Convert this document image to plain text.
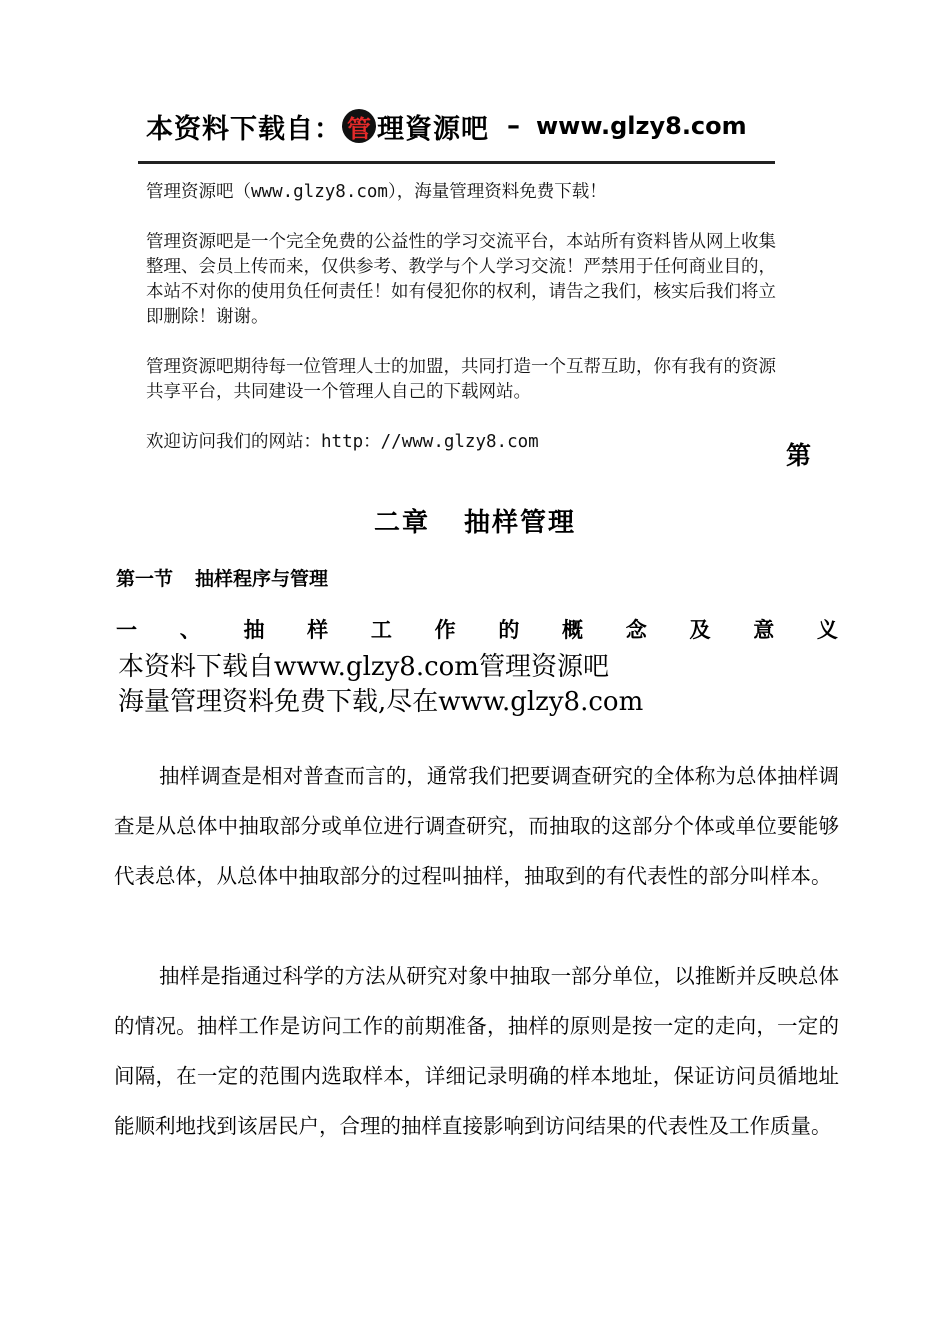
本资料下载自： 管 理資源吧 – www.glzy8.com

管理资源吧（www.glzy8.com），海量管理资料免费下载！

管理资源吧是一个完全免费的公益性的学习交流平台，本站所有资料皆从网上收集整理、会员上传而来，仅供参考、教学与个人学习交流！严禁用于任何商业目的，本站不对你的使用负任何责任！如有侵犯你的权利，请告之我们，核实后我们将立即删除！谢谢。

管理资源吧期待每一位管理人士的加盟，共同打造一个互帮互助，你有我有的资源共享平台，共同建设一个管理人自己的下载网站。

欢迎访问我们的网站：http：//www.glzy8.com	第
二章 抽样管理
第一节 抽样程序与管理
一 、 抽 样 工 作 的 概 念 及 意 义
本资料下载自www.glzy8.com管理资源吧
海量管理资料免费下载,尽在www.glzy8.com

抽样调查是相对普查而言的，通常我们把要调查研究的全体称为总体抽样调查是从总体中抽取部分或单位进行调查研究，而抽取的这部分个体或单位要能够代表总体，从总体中抽取部分的过程叫抽样，抽取到的有代表性的部分叫样本。

抽样是指通过科学的方法从研究对象中抽取一部分单位，以推断并反映总体的情况。抽样工作是访问工作的前期准备，抽样的原则是按一定的走向，一定的间隔，在一定的范围内选取样本，详细记录明确的样本地址，保证访问员循地址能顺利地找到该居民户，合理的抽样直接影响到访问结果的代表性及工作质量。
